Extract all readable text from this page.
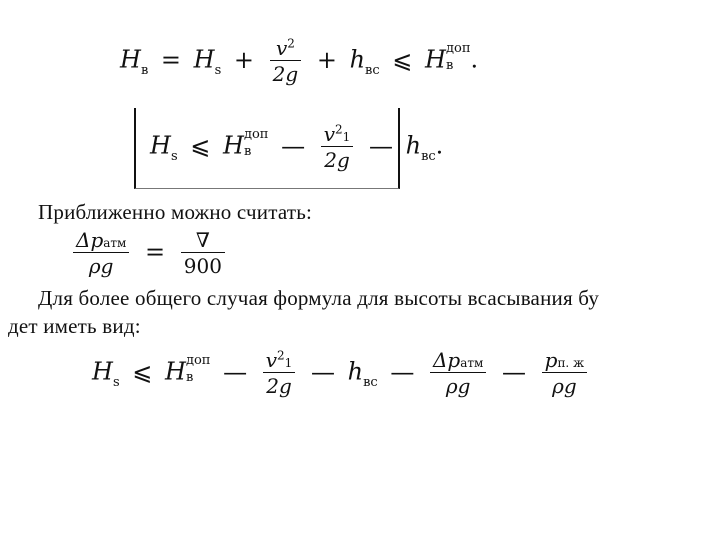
$H_в = H_s + \frac{v^2}{2g} + h_{вс}$ ⩽ H доп
в .
$H_s$ ⩽ H доп
в	— $\frac{v^21}{2g}$ — $h_{вс}$.
Приближенно можно считать:
$\frac{\text{Δpатм}}{\rho g} = \frac{\nabla}{900}$
Для более общего случая формула для высоты всасывания бу
дет иметь вид:
$H_s$ ⩽ H доп
в	— $\frac{v^21}{2g}$ — $h_{вс}$ — $\frac{\text{Δpатм}}{\rho g}$ — $\frac{pп. ж}{\rho g}$
